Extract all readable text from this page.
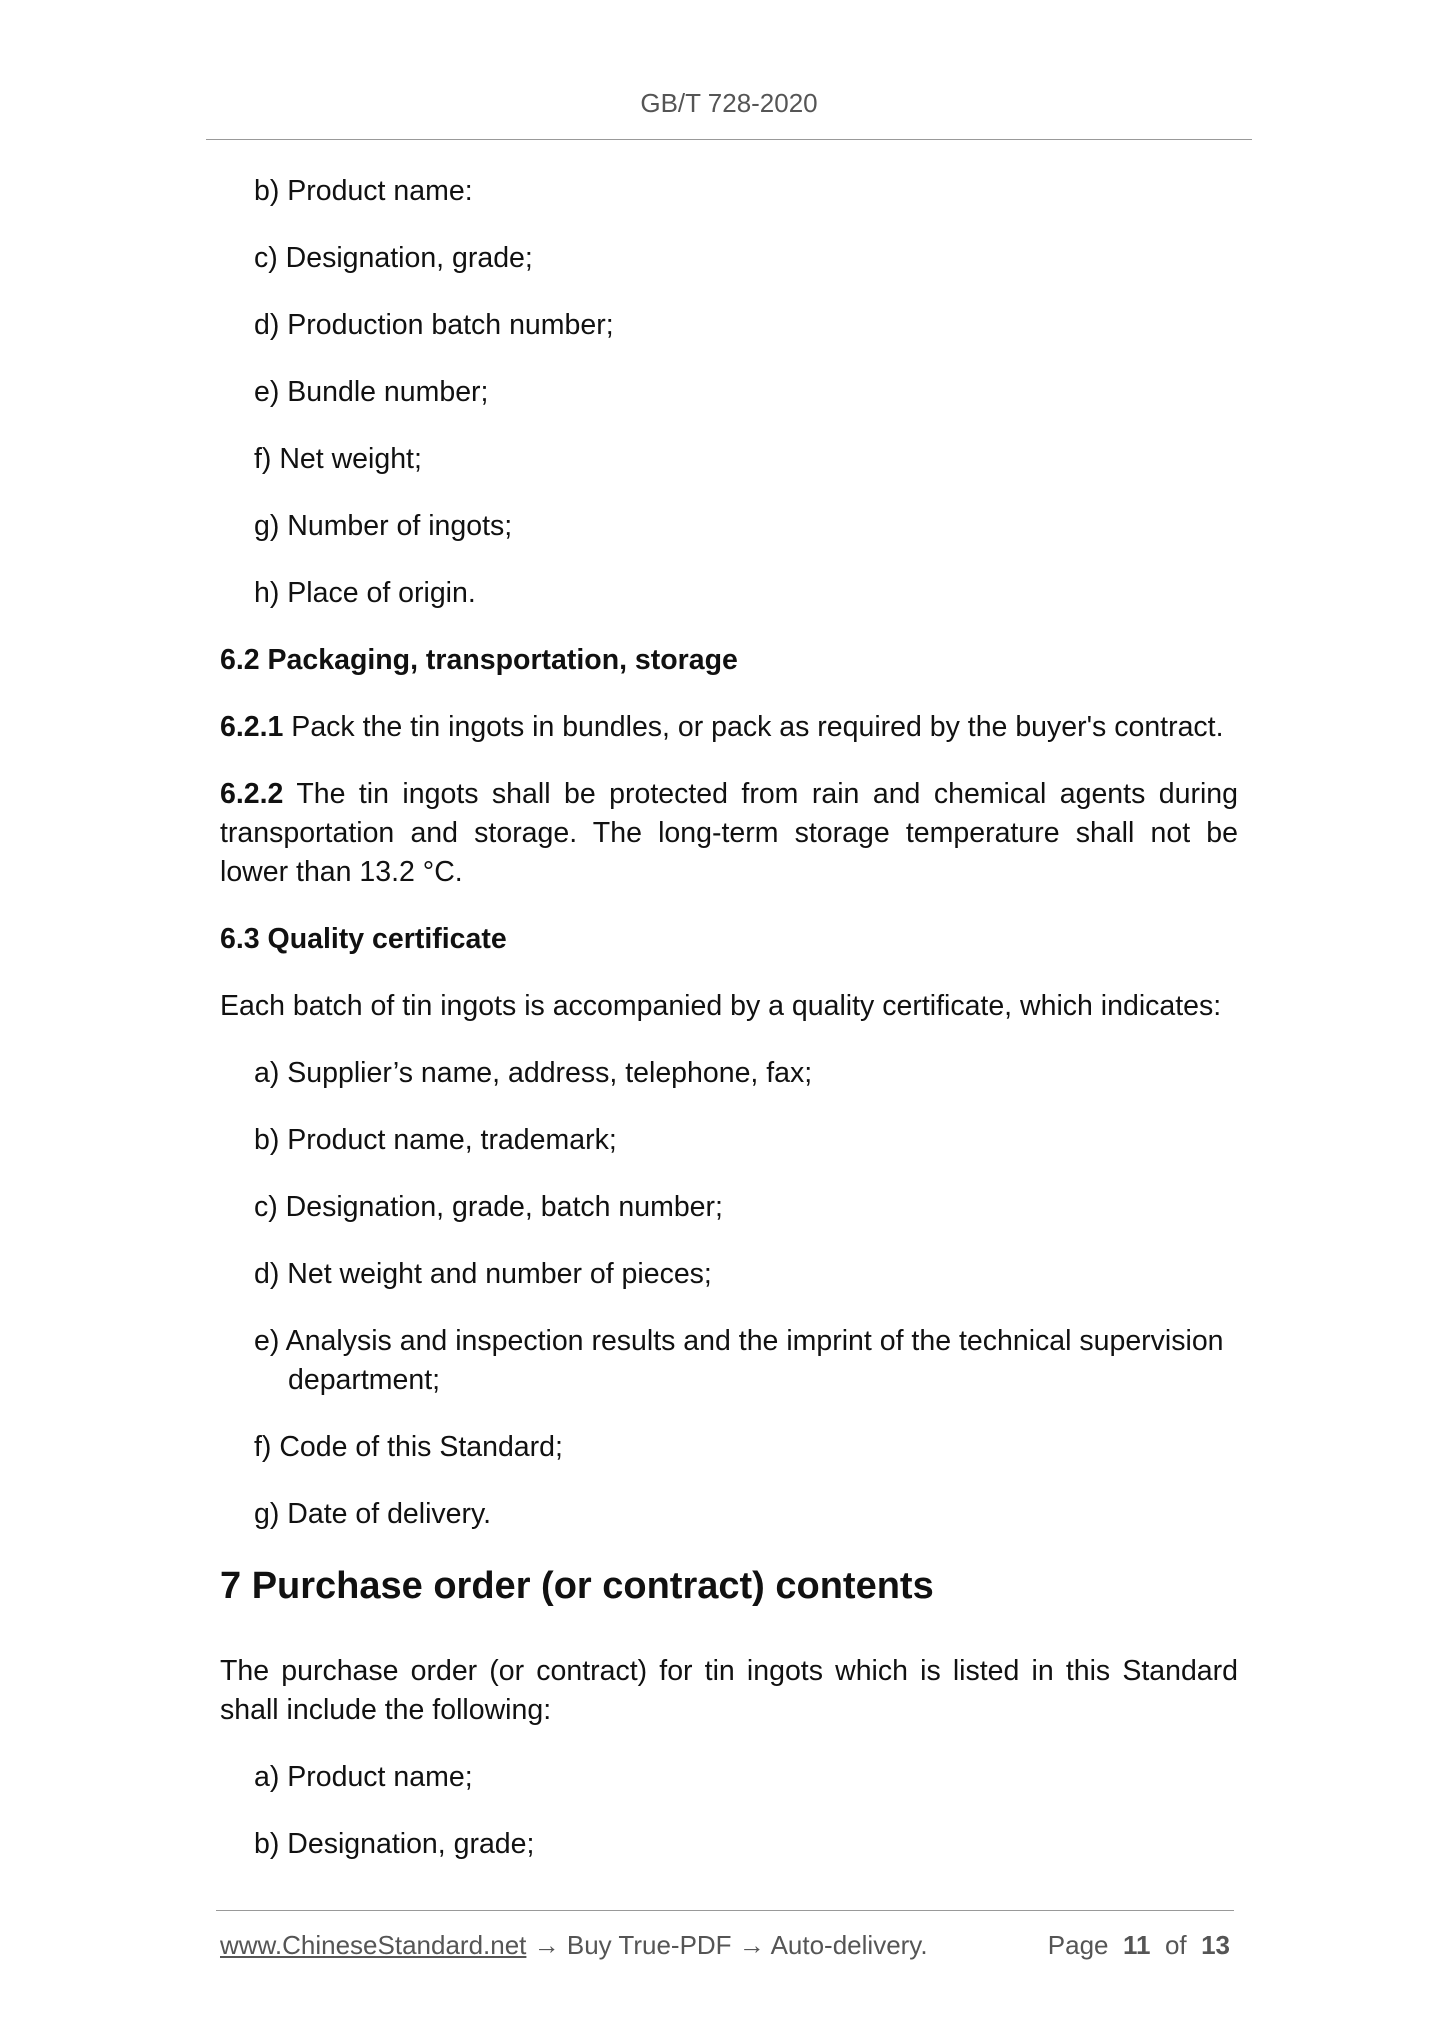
GB/T 728-2020
b) Product name:
c) Designation, grade;
d) Production batch number;
e) Bundle number;
f) Net weight;
g) Number of ingots;
h) Place of origin.
6.2 Packaging, transportation, storage
6.2.1 Pack the tin ingots in bundles, or pack as required by the buyer's contract.
6.2.2 The tin ingots shall be protected from rain and chemical agents during transportation and storage. The long-term storage temperature shall not be lower than 13.2 °C.
6.3 Quality certificate
Each batch of tin ingots is accompanied by a quality certificate, which indicates:
a) Supplier’s name, address, telephone, fax;
b) Product name, trademark;
c) Designation, grade, batch number;
d) Net weight and number of pieces;
e) Analysis and inspection results and the imprint of the technical supervision department;
f) Code of this Standard;
g) Date of delivery.
7 Purchase order (or contract) contents
The purchase order (or contract) for tin ingots which is listed in this Standard shall include the following:
a) Product name;
b) Designation, grade;
www.ChineseStandard.net → Buy True-PDF → Auto-delivery.	Page 11 of 13
